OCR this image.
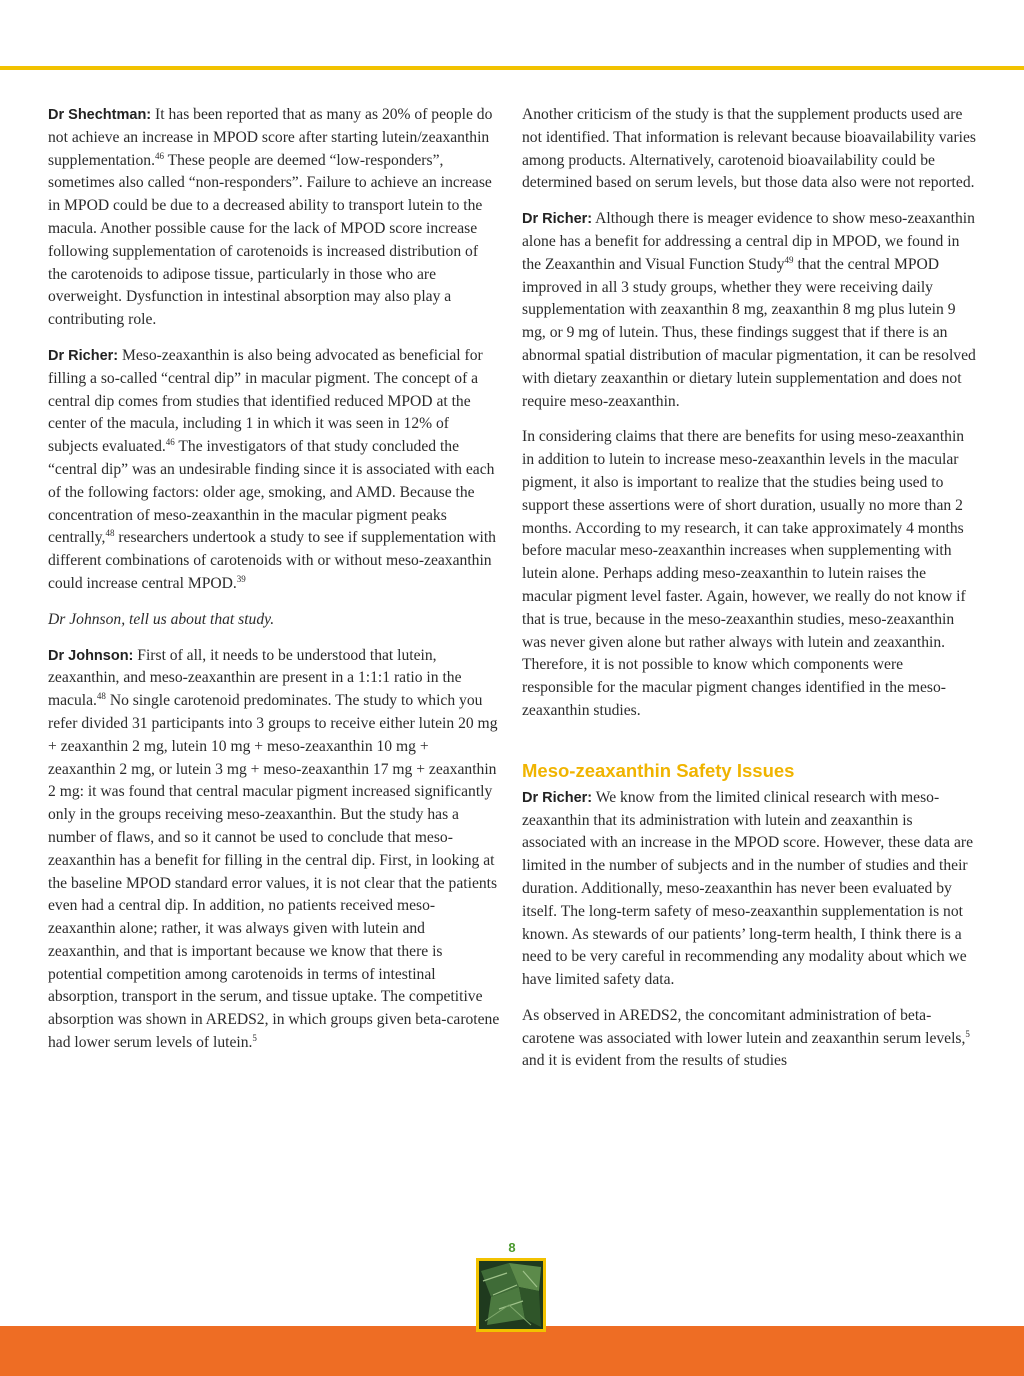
Dr Shechtman: It has been reported that as many as 20% of people do not achieve an increase in MPOD score after starting lutein/zeaxanthin supplementation.$^{46}$ These people are deemed “low-responders”, sometimes also called “non-responders”. Failure to achieve an increase in MPOD could be due to a decreased ability to transport lutein to the macula. Another possible cause for the lack of MPOD score increase following supplementation of carotenoids is increased distribution of the carotenoids to adipose tissue, particularly in those who are overweight. Dysfunction in intestinal absorption may also play a contributing role.

Dr Richer: Meso-zeaxanthin is also being advocated as beneficial for filling a so-called “central dip” in macular pigment. The concept of a central dip comes from studies that identified reduced MPOD at the center of the macula, including 1 in which it was seen in 12% of subjects evaluated.$^{46}$ The investigators of that study concluded the “central dip” was an undesirable finding since it is associated with each of the following factors: older age, smoking, and AMD. Because the concentration of meso-zeaxanthin in the macular pigment peaks centrally,$^{48}$ researchers undertook a study to see if supplementation with different combinations of carotenoids with or without meso-zeaxanthin could increase central MPOD.$^{39}$

Dr Johnson, tell us about that study.

Dr Johnson: First of all, it needs to be understood that lutein, zeaxanthin, and meso-zeaxanthin are present in a 1:1:1 ratio in the macula.$^{48}$ No single carotenoid predominates. The study to which you refer divided 31 participants into 3 groups to receive either lutein 20 mg + zeaxanthin 2 mg, lutein 10 mg + meso-zeaxanthin 10 mg + zeaxanthin 2 mg, or lutein 3 mg + meso-zeaxanthin 17 mg + zeaxanthin 2 mg: it was found that central macular pigment increased significantly only in the groups receiving meso-zeaxanthin. But the study has a number of flaws, and so it cannot be used to conclude that meso-zeaxanthin has a benefit for filling in the central dip. First, in looking at the baseline MPOD standard error values, it is not clear that the patients even had a central dip. In addition, no patients received meso-zeaxanthin alone; rather, it was always given with lutein and zeaxanthin, and that is important because we know that there is potential competition among carotenoids in terms of intestinal absorption, transport in the serum, and tissue uptake. The competitive absorption was shown in AREDS2, in which groups given beta-carotene had lower serum levels of lutein.$^5$

Another criticism of the study is that the supplement products used are not identified. That information is relevant because bioavailability varies among products. Alternatively, carotenoid bioavailability could be determined based on serum levels, but those data also were not reported.

Dr Richer: Although there is meager evidence to show meso-zeaxanthin alone has a benefit for addressing a central dip in MPOD, we found in the Zeaxanthin and Visual Function Study$^{49}$ that the central MPOD improved in all 3 study groups, whether they were receiving daily supplementation with zeaxanthin 8 mg, zeaxanthin 8 mg plus lutein 9 mg, or 9 mg of lutein. Thus, these findings suggest that if there is an abnormal spatial distribution of macular pigmentation, it can be resolved with dietary zeaxanthin or dietary lutein supplementation and does not require meso-zeaxanthin.

In considering claims that there are benefits for using meso-zeaxanthin in addition to lutein to increase meso-zeaxanthin levels in the macular pigment, it also is important to realize that the studies being used to support these assertions were of short duration, usually no more than 2 months. According to my research, it can take approximately 4 months before macular meso-zeaxanthin increases when supplementing with lutein alone. Perhaps adding meso-zeaxanthin to lutein raises the macular pigment level faster. Again, however, we really do not know if that is true, because in the meso-zeaxanthin studies, meso-zeaxanthin was never given alone but rather always with lutein and zeaxanthin. Therefore, it is not possible to know which components were responsible for the macular pigment changes identified in the meso-zeaxanthin studies.

Meso-zeaxanthin Safety Issues

Dr Richer: We know from the limited clinical research with meso-zeaxanthin that its administration with lutein and zeaxanthin is associated with an increase in the MPOD score. However, these data are limited in the number of subjects and in the number of studies and their duration. Additionally, meso-zeaxanthin has never been evaluated by itself. The long-term safety of meso-zeaxanthin supplementation is not known. As stewards of our patients’ long-term health, I think there is a need to be very careful in recommending any modality about which we have limited safety data.

As observed in AREDS2, the concomitant administration of beta-carotene was associated with lower lutein and zeaxanthin serum levels,$^5$ and it is evident from the results of studies

8
